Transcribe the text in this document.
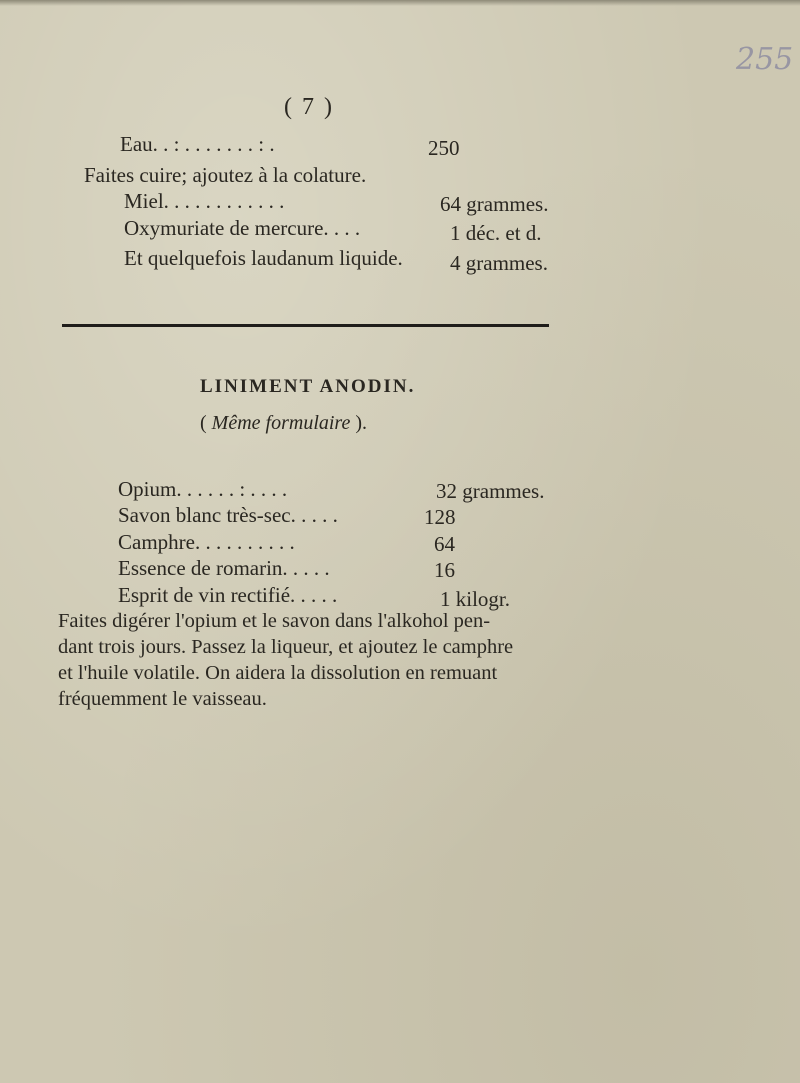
( 7 )
255
Eau. . : . . . . . . . : .	250
Faites cuire; ajoutez à la colature.
Miel. . . . . . . . . . . .	64 grammes.
Oxymuriate de mercure. . . .	1 déc. et d.
Et quelquefois laudanum liquide. 4 grammes.
LINIMENT ANODIN.
( Même formulaire ).
Opium. . . . . . : . . . .	32 grammes.
Savon blanc très-sec. . . . .	128
Camphre. . . . . . . . . .	64
Essence de romarin. . . . .	16
Esprit de vin rectifié. . . . .	1 kilogr.
Faites digérer l'opium et le savon dans l'alkohol pen-
dant trois jours. Passez la liqueur, et ajoutez le camphre
et l'huile volatile. On aidera la dissolution en remuant
fréquemment le vaisseau.
